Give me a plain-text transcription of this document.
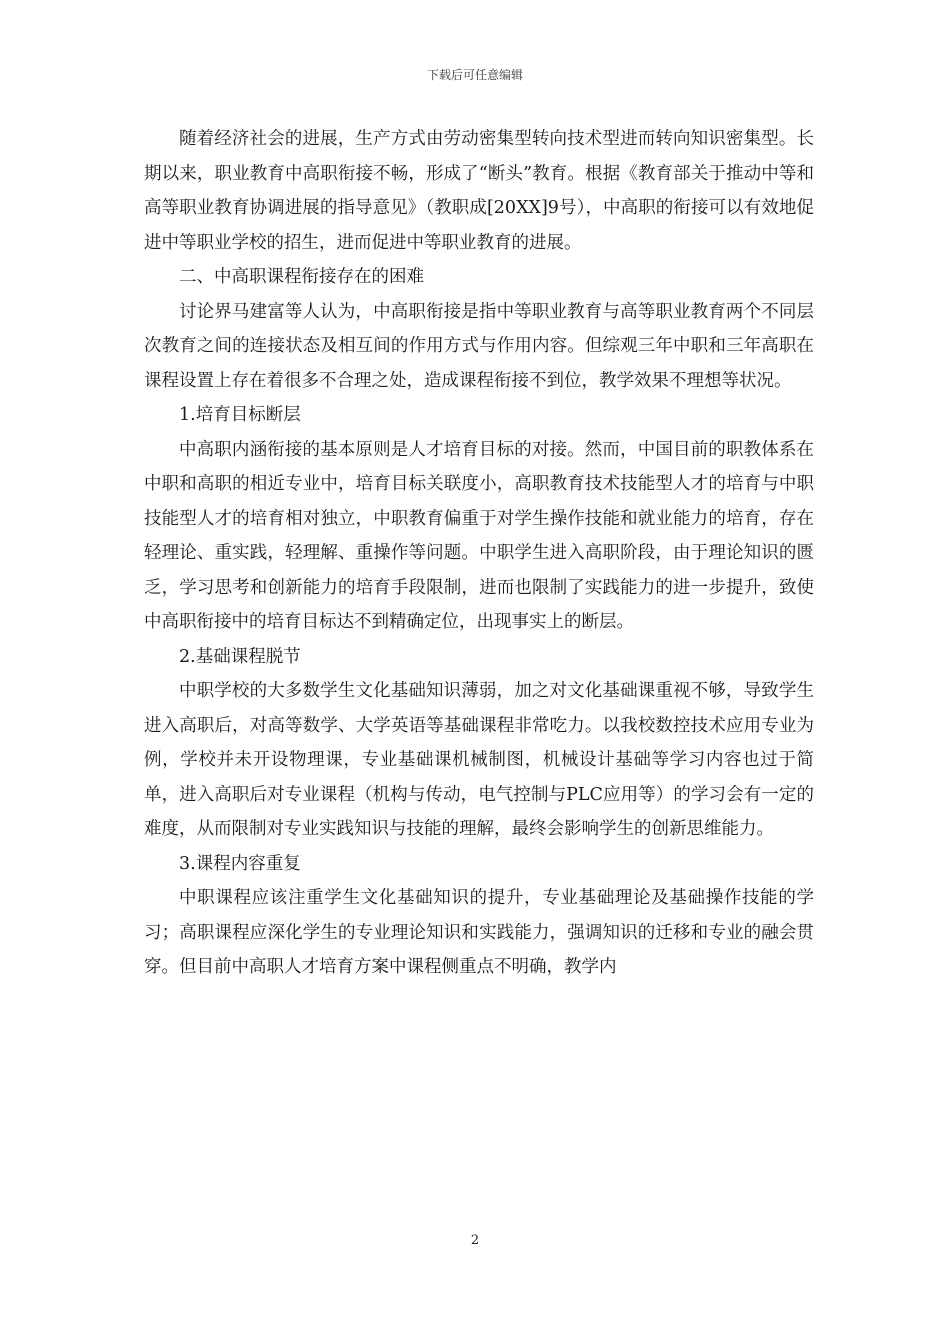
下载后可任意编辑

随着经济社会的进展，生产方式由劳动密集型转向技术型进而转向知识密集型。长期以来，职业教育中高职衔接不畅，形成了“断头”教育。根据《教育部关于推动中等和高等职业教育协调进展的指导意见》（教职成[20XX]9号），中高职的衔接可以有效地促进中等职业学校的招生，进而促进中等职业教育的进展。

二、中高职课程衔接存在的困难

讨论界马建富等人认为，中高职衔接是指中等职业教育与高等职业教育两个不同层次教育之间的连接状态及相互间的作用方式与作用内容。但综观三年中职和三年高职在课程设置上存在着很多不合理之处，造成课程衔接不到位，教学效果不理想等状况。

1.培育目标断层

中高职内涵衔接的基本原则是人才培育目标的对接。然而，中国目前的职教体系在中职和高职的相近专业中，培育目标关联度小，高职教育技术技能型人才的培育与中职技能型人才的培育相对独立，中职教育偏重于对学生操作技能和就业能力的培育，存在轻理论、重实践，轻理解、重操作等问题。中职学生进入高职阶段，由于理论知识的匮乏，学习思考和创新能力的培育手段限制，进而也限制了实践能力的进一步提升，致使中高职衔接中的培育目标达不到精确定位，出现事实上的断层。

2.基础课程脱节

中职学校的大多数学生文化基础知识薄弱，加之对文化基础课重视不够，导致学生进入高职后，对高等数学、大学英语等基础课程非常吃力。以我校数控技术应用专业为例，学校并未开设物理课，专业基础课机械制图，机械设计基础等学习内容也过于简单，进入高职后对专业课程（机构与传动，电气控制与PLC应用等）的学习会有一定的难度，从而限制对专业实践知识与技能的理解，最终会影响学生的创新思维能力。

3.课程内容重复

中职课程应该注重学生文化基础知识的提升，专业基础理论及基础操作技能的学习；高职课程应深化学生的专业理论知识和实践能力，强调知识的迁移和专业的融会贯穿。但目前中高职人才培育方案中课程侧重点不明确，教学内

2
